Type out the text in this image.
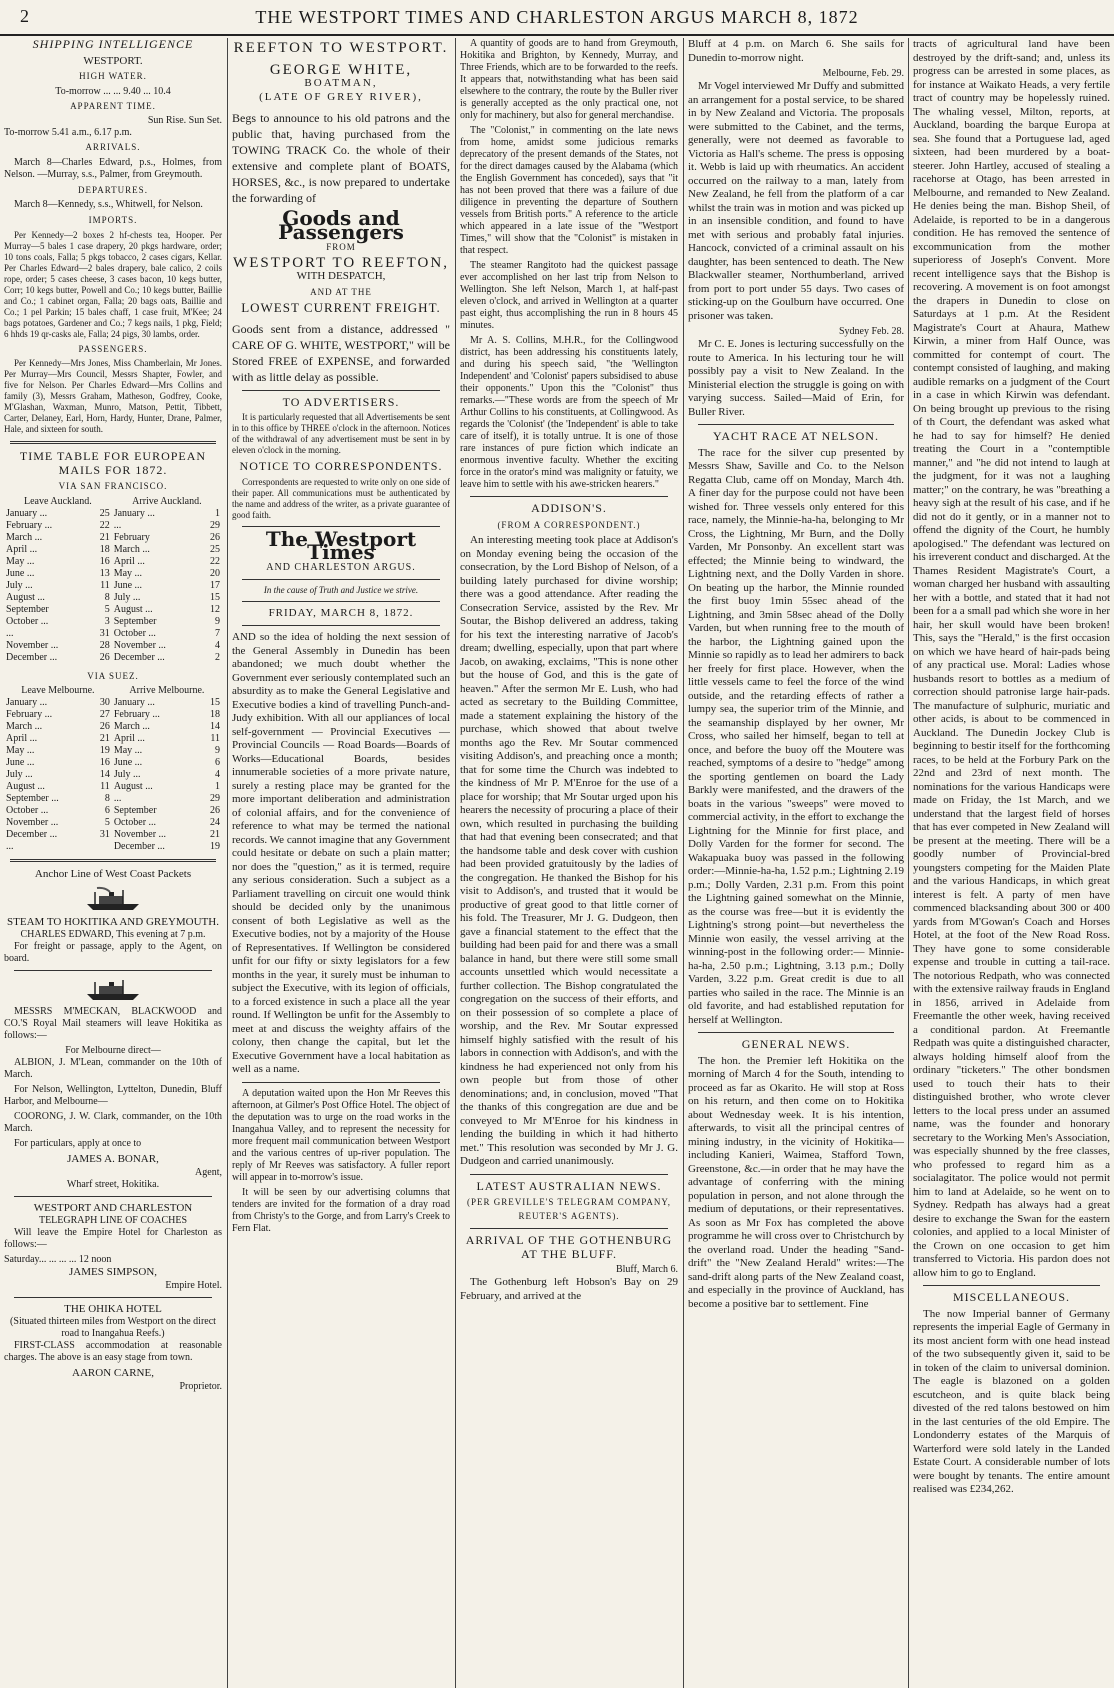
2	THE WESTPORT TIMES AND CHARLESTON ARGUS MARCH 8, 1872
SHIPPING INTELLIGENCE
WESTPORT.
HIGH WATER.
To-morrow ... ... 9.40 ... 10.4
APPARENT TIME.
Sun Rise. Sun Set.
To-morrow 5.41 a.m., 6.17 p.m.
ARRIVALS.

March 8—Charles Edward, p.s., Holmes, from Nelson. —Murray, s.s., Palmer, from Greymouth.

DEPARTURES.

March 8—Kennedy, s.s., Whitwell, for Nelson.

IMPORTS.

Per Kennedy—2 boxes 2 hf-chests tea, Hooper. Per Murray—5 bales 1 case drapery, 20 pkgs hardware, order; 10 tons coals, Falla; 5 pkgs tobacco, 2 cases cigars, Kellar. Per Charles Edward—2 bales drapery, bale calico, 2 coils rope, order; 5 cases cheese, 3 cases bacon, 10 kegs butter, Corr; 10 kegs butter, Powell and Co.; 10 kegs butter, Baillie and Co.; 1 cabinet organ, Falla; 20 bags oats, Baillie and Co.; 1 pel Parkin; 15 bales chaff, 1 case fruit, M'Kee; 24 bags potatoes, Gardener and Co.; 7 kegs nails, 1 pkg, Field; 6 hhds 19 qr-casks ale, Falla; 24 pigs, 30 lambs, order.

PASSENGERS.

Per Kennedy—Mrs Jones, Miss Chamberlain, Mr Jones. Per Murray—Mrs Council, Messrs Shapter, Fowler, and five for Nelson. Per Charles Edward—Mrs Collins and family (3), Messrs Graham, Matheson, Godfrey, Cooke, M'Glashan, Waxman, Munro, Matson, Pettit, Tibbett, Carter, Delaney, Earl, Horn, Hardy, Hunter, Drane, Palmer, Hale, and sixteen for south.

TIME TABLE FOR EUROPEAN MAILS FOR 1872.
VIA SAN FRANCISCO.
Leave Auckland.		Arrive Auckland.	
January ...	25	January ...	1
February ...	22	...	29
March ...	21	February	26
April ...	18	March ...	25
May ...	16	April ...	22
June ...	13	May ...	20
July ...	11	June ...	17
August ...	8	July ...	15
September	5	August ...	12
October ...	3	September	9
...	31	October ...	7
November ...	28	November ...	4
December ...	26	December ...	2
VIA SUEZ.
Leave Melbourne.		Arrive Melbourne.	
January ...	30	January ...	15
February ...	27	February ...	18
March ...	26	March ...	14
April ...	21	April ...	11
May ...	19	May ...	9
June ...	16	June ...	6
July ...	14	July ...	4
August ...	11	August ...	1
September ...	8	...	29
October ...	6	September	26
November ...	5	October ...	24
December ...	31	November ...	21
...		December ...	19
Anchor Line of West Coast Packets
STEAM TO HOKITIKA AND GREYMOUTH.
CHARLES EDWARD, This evening at 7 p.m.

For freight or passage, apply to the Agent, on board.

MESSRS M'MECKAN, BLACKWOOD and CO.'S Royal Mail steamers will leave Hokitika as follows:—

For Melbourne direct—

ALBION, J. M'Lean, commander on the 10th of March.

For Nelson, Wellington, Lyttelton, Dunedin, Bluff Harbor, and Melbourne—

COORONG, J. W. Clark, commander, on the 10th March.

For particulars, apply at once to

JAMES A. BONAR,
Agent,
Wharf street, Hokitika.
WESTPORT AND CHARLESTON
TELEGRAPH LINE OF COACHES

Will leave the Empire Hotel for Charleston as follows:—

Saturday... ... ... ... 12 noon
JAMES SIMPSON,
Empire Hotel.
THE OHIKA HOTEL
(Situated thirteen miles from Westport on the direct road to Inangahua Reefs.)

FIRST-CLASS accommodation at reasonable charges. The above is an easy stage from town.

AARON CARNE,
Proprietor.
REEFTON TO WESTPORT.
GEORGE WHITE,
BOATMAN,
(LATE OF GREY RIVER),

Begs to announce to his old patrons and the public that, having purchased from the TOWING TRACK Co. the whole of their extensive and complete plant of BOATS, HORSES, &c., is now prepared to undertake the forwarding of

Goods and Passengers
FROM
WESTPORT TO REEFTON,
WITH DESPATCH,
AND AT THE
LOWEST CURRENT FREIGHT.

Goods sent from a distance, addressed " CARE OF G. WHITE, WESTPORT," will be Stored FREE of EXPENSE, and forwarded with as little delay as possible.

TO ADVERTISERS.

It is particularly requested that all Advertisements be sent in to this office by THREE o'clock in the afternoon. Notices of the withdrawal of any advertisement must be sent in by eleven o'clock in the morning.

NOTICE TO CORRESPONDENTS.

Correspondents are requested to write only on one side of their paper. All communications must be authenticated by the name and address of the writer, as a private guarantee of good faith.

The Westport Times
AND CHARLESTON ARGUS.
In the cause of Truth and Justice we strive.
FRIDAY, MARCH 8, 1872.

AND so the idea of holding the next session of the General Assembly in Dunedin has been abandoned; we much doubt whether the Government ever seriously contemplated such an absurdity as to make the General Legislative and Executive bodies a kind of travelling Punch-and-Judy exhibition. With all our appliances of local self-government — Provincial Executives — Provincial Councils — Road Boards—Boards of Works—Educational Boards, besides innumerable societies of a more private nature, surely a resting place may be granted for the more important deliberation and administration of colonial affairs, and for the convenience of reference to what may be termed the national records. We cannot imagine that any Government could hesitate or debate on such a plain matter; nor does the "question," as it is termed, require any serious consideration. Such a subject as a Parliament travelling on circuit one would think should be decided only by the unanimous consent of both Legislative as well as the Executive bodies, not by a majority of the House of Representatives. If Wellington be considered unfit for our fifty or sixty legislators for a few months in the year, it surely must be inhuman to subject the Executive, with its legion of officials, to a forced existence in such a place all the year round. If Wellington be unfit for the Assembly to meet at and discuss the weighty affairs of the colony, then change the capital, but let the Executive Government have a local habitation as well as a name.

A deputation waited upon the Hon Mr Reeves this afternoon, at Gilmer's Post Office Hotel. The object of the deputation was to urge on the road works in the Inangahua Valley, and to represent the necessity for more frequent mail communication between Westport and the various centres of up-river population. The reply of Mr Reeves was satisfactory. A fuller report will appear in to-morrow's issue.

It will be seen by our advertising columns that tenders are invited for the formation of a dray road from Christy's to the Gorge, and from Larry's Creek to Fern Flat.

A quantity of goods are to hand from Greymouth, Hokitika and Brighton, by Kennedy, Murray, and Three Friends, which are to be forwarded to the reefs. It appears that, notwithstanding what has been said elsewhere to the contrary, the route by the Buller river is generally accepted as the only practical one, not only for machinery, but also for general merchandise.

The "Colonist," in commenting on the late news from home, amidst some judicious remarks deprecatory of the present demands of the States, not for the direct damages caused by the Alabama (which the English Government has conceded), says that "it has not been proved that there was a failure of due diligence in preventing the departure of Southern vessels from British ports." A reference to the article which appeared in a late issue of the "Westport Times," will show that the "Colonist" is mistaken in that respect.

The steamer Rangitoto had the quickest passage ever accomplished on her last trip from Nelson to Wellington. She left Nelson, March 1, at half-past eleven o'clock, and arrived in Wellington at a quarter past eight, thus accomplishing the run in 8 hours 45 minutes.

Mr A. S. Collins, M.H.R., for the Collingwood district, has been addressing his constituents lately, and during his speech said, "the 'Wellington Independent' and 'Colonist' papers subsidised to abuse their opponents." Upon this the "Colonist" thus remarks.—"These words are from the speech of Mr Arthur Collins to his constituents, at Collingwood. As regards the 'Colonist' (the 'Independent' is able to take care of itself), it is totally untrue. It is one of those rare instances of pure fiction which indicate an enormous inventive faculty. Whether the exciting force in the orator's mind was malignity or fatuity, we leave him to settle with his awe-stricken hearers."

ADDISON'S.
(FROM A CORRESPONDENT.)

An interesting meeting took place at Addison's on Monday evening being the occasion of the consecration, by the Lord Bishop of Nelson, of a building lately purchased for divine worship; there was a good attendance. After reading the Consecration Service, assisted by the Rev. Mr Soutar, the Bishop delivered an address, taking for his text the interesting narrative of Jacob's dream; dwelling, especially, upon that part where Jacob, on awaking, exclaims, "This is none other but the house of God, and this is the gate of heaven." After the sermon Mr E. Lush, who had acted as secretary to the Building Committee, made a statement explaining the history of the purchase, which showed that about twelve months ago the Rev. Mr Soutar commenced visiting Addison's, and preaching once a month; that for some time the Church was indebted to the kindness of Mr P. M'Enroe for the use of a place for worship; that Mr Soutar urged upon his hearers the necessity of procuring a place of their own, which resulted in purchasing the building that had that evening been consecrated; and that the handsome table and desk cover with cushion had been provided gratuitously by the ladies of the congregation. He thanked the Bishop for his visit to Addison's, and trusted that it would be productive of great good to that little corner of his fold. The Treasurer, Mr J. G. Dudgeon, then gave a financial statement to the effect that the building had been paid for and there was a small balance in hand, but there were still some small accounts unsettled which would necessitate a further collection. The Bishop congratulated the congregation on the success of their efforts, and on their possession of so complete a place of worship, and the Rev. Mr Soutar expressed himself highly satisfied with the result of his labors in connection with Addison's, and with the kindness he had experienced not only from his own people but from those of other denominations; and, in conclusion, moved "That the thanks of this congregation are due and be conveyed to Mr M'Enroe for his kindness in lending the building in which it had hitherto met." This resolution was seconded by Mr J. G. Dudgeon and carried unanimously.

LATEST AUSTRALIAN NEWS.
(PER GREVILLE'S TELEGRAM COMPANY, REUTER'S AGENTS).
ARRIVAL OF THE GOTHENBURG AT THE BLUFF.
Bluff, March 6.

The Gothenburg left Hobson's Bay on 29 February, and arrived at the

Bluff at 4 p.m. on March 6. She sails for Dunedin to-morrow night.

Melbourne, Feb. 29.

Mr Vogel interviewed Mr Duffy and submitted an arrangement for a postal service, to be shared in by New Zealand and Victoria. The proposals were submitted to the Cabinet, and the terms, generally, were not deemed as favorable to Victoria as Hall's scheme. The press is opposing it. Webb is laid up with rheumatics. An accident occurred on the railway to a man, lately from New Zealand, he fell from the platform of a car whilst the train was in motion and was picked up in an insensible condition, and found to have met with serious and probably fatal injuries. Hancock, convicted of a criminal assault on his daughter, has been sentenced to death. The New Blackwaller steamer, Northumberland, arrived from port to port under 55 days. Two cases of sticking-up on the Goulburn have occurred. One prisoner was taken.

Sydney Feb. 28.

Mr C. E. Jones is lecturing successfully on the route to America. In his lecturing tour he will possibly pay a visit to New Zealand. In the Ministerial election the struggle is going on with varying success. Sailed—Maid of Erin, for Buller River.

YACHT RACE AT NELSON.

The race for the silver cup presented by Messrs Shaw, Saville and Co. to the Nelson Regatta Club, came off on Monday, March 4th. A finer day for the purpose could not have been wished for. Three vessels only entered for this race, namely, the Minnie-ha-ha, belonging to Mr Cross, the Lightning, Mr Burn, and the Dolly Varden, Mr Ponsonby. An excellent start was effected; the Minnie being to windward, the Lightning next, and the Dolly Varden in shore. On beating up the harbor, the Minnie rounded the first buoy 1min 55sec ahead of the Lightning, and 3min 58sec ahead of the Dolly Varden, but when running free to the mouth of the harbor, the Lightning gained upon the Minnie so rapidly as to lead her admirers to back her freely for first place. However, when the little vessels came to feel the force of the wind outside, and the retarding effects of rather a lumpy sea, the superior trim of the Minnie, and the seamanship displayed by her owner, Mr Cross, who sailed her himself, began to tell at once, and before the buoy off the Moutere was reached, symptoms of a desire to "hedge" among the sporting gentlemen on board the Lady Barkly were manifested, and the drawers of the boats in the various "sweeps" were moved to commercial activity, in the effort to exchange the Lightning for the Minnie for first place, and Dolly Varden for the former for second. The Wakapuaka buoy was passed in the following order:—Minnie-ha-ha, 1.52 p.m.; Lightning 2.19 p.m.; Dolly Varden, 2.31 p.m. From this point the Lightning gained somewhat on the Minnie, as the course was free—but it is evidently the Lightning's strong point—but nevertheless the Minnie won easily, the vessel arriving at the winning-post in the following order:— Minnie-ha-ha, 2.50 p.m.; Lightning, 3.13 p.m.; Dolly Varden, 3.22 p.m. Great credit is due to all parties who sailed in the race. The Minnie is an old favorite, and had established reputation for herself at Wellington.

GENERAL NEWS.

The hon. the Premier left Hokitika on the morning of March 4 for the South, intending to proceed as far as Okarito. He will stop at Ross on his return, and then come on to Hokitika about Wednesday week. It is his intention, afterwards, to visit all the principal centres of mining industry, in the vicinity of Hokitika—including Kanieri, Waimea, Stafford Town, Greenstone, &c.—in order that he may have the advantage of conferring with the mining population in person, and not alone through the medium of deputations, or their representatives. As soon as Mr Fox has completed the above programme he will cross over to Christchurch by the overland road. Under the heading "Sand-drift" the "New Zealand Herald" writes:—The sand-drift along parts of the New Zealand coast, and especially in the province of Auckland, has become a positive bar to settlement. Fine

tracts of agricultural land have been destroyed by the drift-sand; and, unless its progress can be arrested in some places, as for instance at Waikato Heads, a very fertile tract of country may be hopelessly ruined. The whaling vessel, Milton, reports, at Auckland, boarding the barque Europa at sea. She found that a Portuguese lad, aged sixteen, had been murdered by a boat-steerer. John Hartley, accused of stealing a racehorse at Otago, has been arrested in Melbourne, and remanded to New Zealand. He denies being the man. Bishop Sheil, of Adelaide, is reported to be in a dangerous condition. He has removed the sentence of excommunication from the mother superioress of Joseph's Convent. More recent intelligence says that the Bishop is recovering. A movement is on foot amongst the drapers in Dunedin to close on Saturdays at 1 p.m. At the Resident Magistrate's Court at Ahaura, Mathew Kirwin, a miner from Half Ounce, was committed for contempt of court. The contempt consisted of laughing, and making audible remarks on a judgment of the Court in a case in which Kirwin was defendant. On being brought up previous to the rising of th Court, the defendant was asked what he had to say for himself? He denied treating the Court in a "contemptible manner," and "he did not intend to laugh at the judgment, for it was not a laughing matter;" on the contrary, he was "breathing a heavy sigh at the result of his case, and if he did not do it gently, or in a manner not to offend the dignity of the Court, he humbly apologised." The defendant was lectured on his irreverent conduct and discharged. At the Thames Resident Magistrate's Court, a woman charged her husband with assaulting her with a bottle, and stated that it had not been for a a small pad which she wore in her hair, her skull would have been broken! This, says the "Herald," is the first occasion on which we have heard of hair-pads being of any practical use. Moral: Ladies whose husbands resort to bottles as a medium of correction should patronise large hair-pads. The manufacture of sulphuric, muriatic and other acids, is about to be commenced in Auckland. The Dunedin Jockey Club is beginning to bestir itself for the forthcoming races, to be held at the Forbury Park on the 22nd and 23rd of next month. The nominations for the various Handicaps were made on Friday, the 1st March, and we understand that the largest field of horses that has ever competed in New Zealand will be present at the meeting. There will be a goodly number of Provincial-bred youngsters competing for the Maiden Plate and the various Handicaps, in which great interest is felt. A party of men have commenced blacksanding about 300 or 400 yards from M'Gowan's Coach and Horses Hotel, at the foot of the New Road Ross. They have gone to some considerable expense and trouble in cutting a tail-race. The notorious Redpath, who was connected with the extensive railway frauds in England in 1856, arrived in Adelaide from Freemantle the other week, having received a conditional pardon. At Freemantle Redpath was quite a distinguished character, always holding himself aloof from the ordinary "ticketers." The other bondsmen used to touch their hats to their distinguished brother, who wrote clever letters to the local press under an assumed name, was the founder and honorary secretary to the Working Men's Association, was especially shunned by the free classes, who professed to regard him as a socialagitator. The police would not permit him to land at Adelaide, so he went on to Sydney. Redpath has always had a great desire to exchange the Swan for the eastern colonies, and applied to a local Minister of the Crown on one occasion to get him transferred to Victoria. His pardon does not allow him to go to England.

MISCELLANEOUS.

The now Imperial banner of Germany represents the imperial Eagle of Germany in its most ancient form with one head instead of the two subsequently given it, said to be in token of the claim to universal dominion. The eagle is blazoned on a golden escutcheon, and is quite black being divested of the red talons bestowed on him in the last centuries of the old Empire. The Londonderry estates of the Marquis of Warterford were sold lately in the Landed Estate Court. A considerable number of lots were bought by tenants. The entire amount realised was £234,262.
